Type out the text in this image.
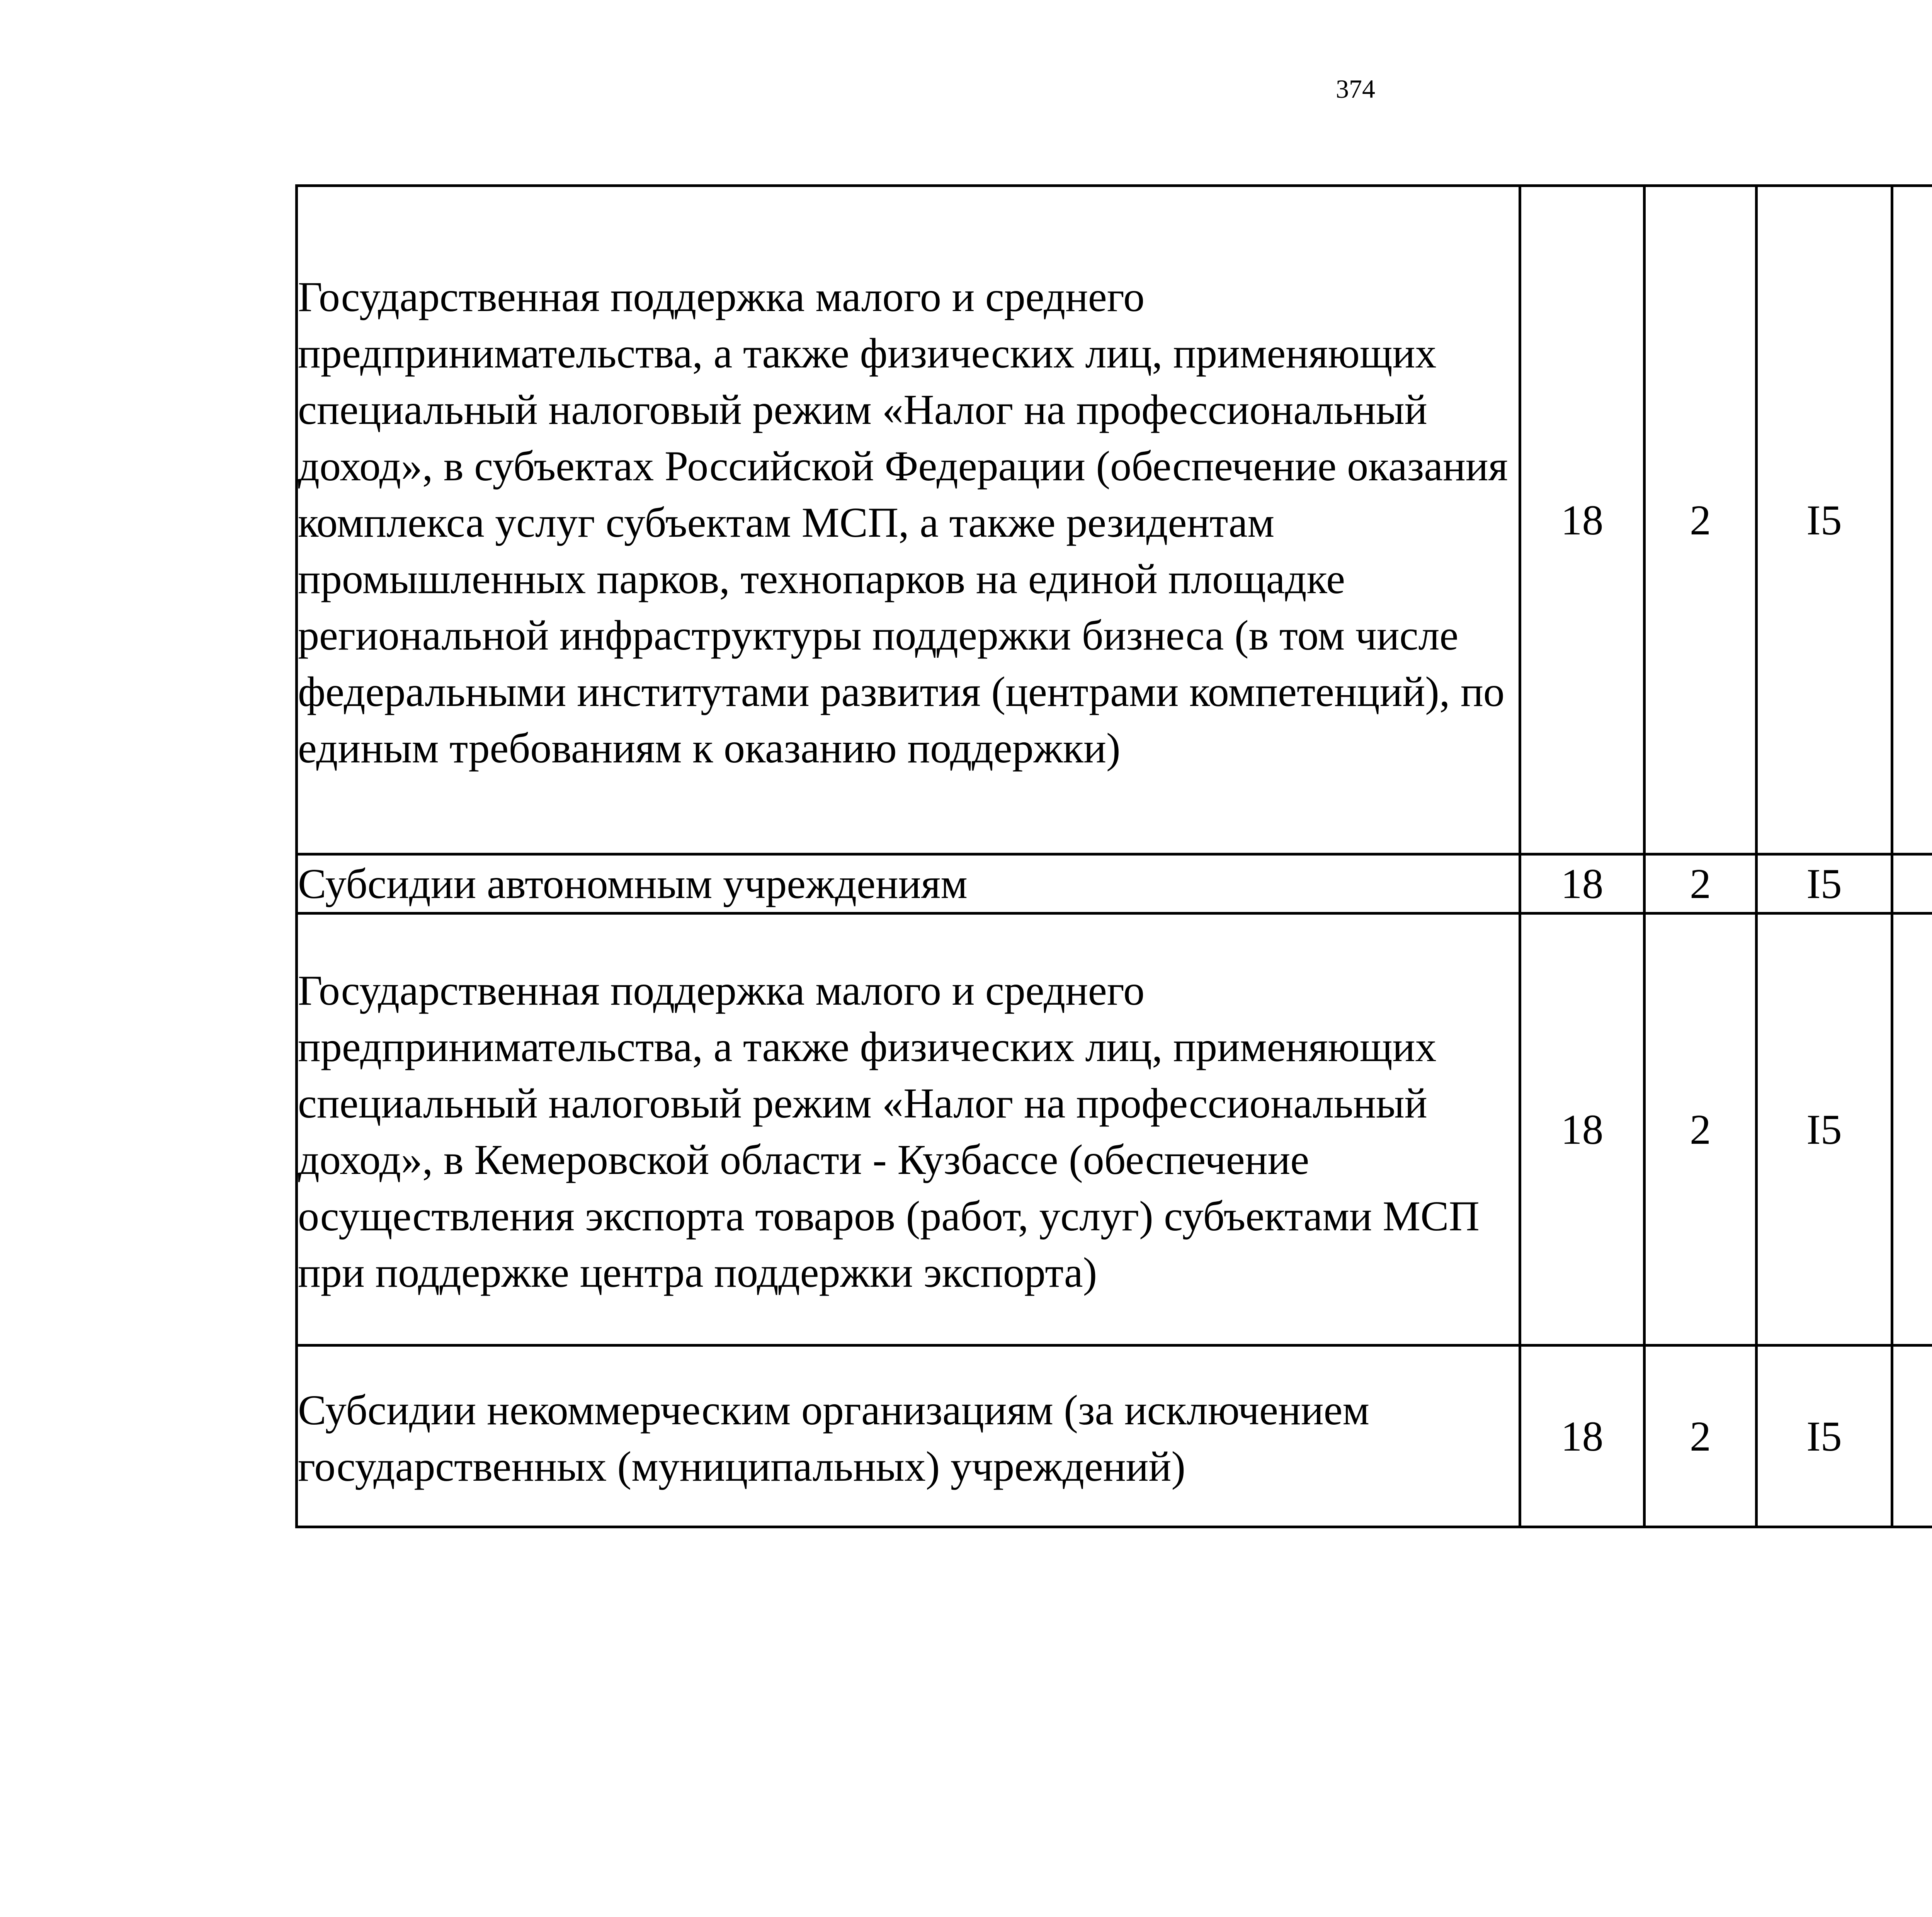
374
Государственная поддержка малого и среднего предпринимательства, а также физических лиц, применяющих специальный налоговый режим «Налог на профессиональный доход», в субъектах Российской Федерации (обеспечение оказания комплекса услуг субъектам МСП, а также резидентам промышленных парков, технопарков на единой площадке региональной инфраструктуры поддержки бизнеса (в том числе федеральными институтами развития (центрами компетенций), по единым требованиям к оказанию поддержки)	18	2	I5			

Субсидии автономным учреждениям	18	2	I5			

Государственная поддержка малого и среднего предпринимательства, а также физических лиц, применяющих специальный налоговый режим «Налог на профессиональный доход», в Кемеровской области - Кузбассе (обеспечение осуществления экспорта товаров (работ, услуг) субъектами МСП при поддержке центра поддержки экспорта)	18	2	I5			

Субсидии некоммерческим организациям (за исключением государственных (муниципальных) учреждений)	18	2	I5			
